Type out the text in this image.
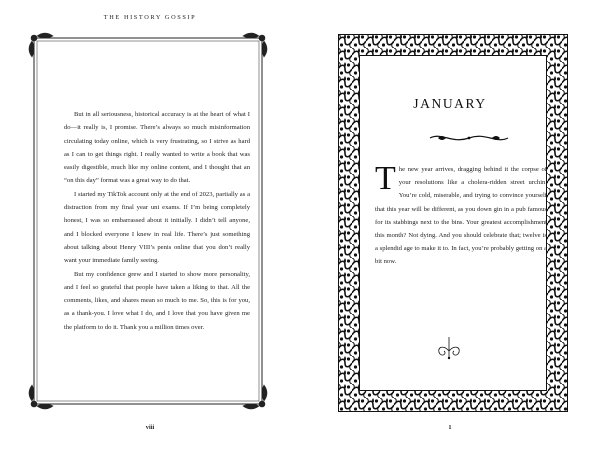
THE HISTORY GOSSIP

But in all seriousness, historical accuracy is at the heart of what I do—it really is, I promise. There’s always so much misinformation circulating today online, which is very frustrating, so I strive as hard as I can to get things right. I really wanted to write a book that was easily digestible, much like my online content, and I thought that an “on this day” format was a great way to do that.

I started my TikTok account only at the end of 2023, partially as a distraction from my final year uni exams. If I’m being completely honest, I was so embarrassed about it initially. I didn’t tell anyone, and I blocked everyone I knew in real life. There’s just something about talking about Henry VIII’s penis online that you don’t really want your immediate family seeing.

But my confidence grew and I started to show more personality, and I feel so grateful that people have taken a liking to that. All the comments, likes, and shares mean so much to me. So, this is for you, as a thank-you. I love what I do, and I love that you have given me the platform to do it. Thank you a million times over.

viii
JANUARY

The new year arrives, dragging behind it the corpse of your resolutions like a cholera-ridden street urchin. You’re cold, miserable, and trying to convince yourself that this year will be different, as you down gin in a pub famous for its stabbings next to the bins. Your greatest accomplishment this month? Not dying. And you should celebrate that; twelve is a splendid age to make it to. In fact, you’re probably getting on a bit now.

1
